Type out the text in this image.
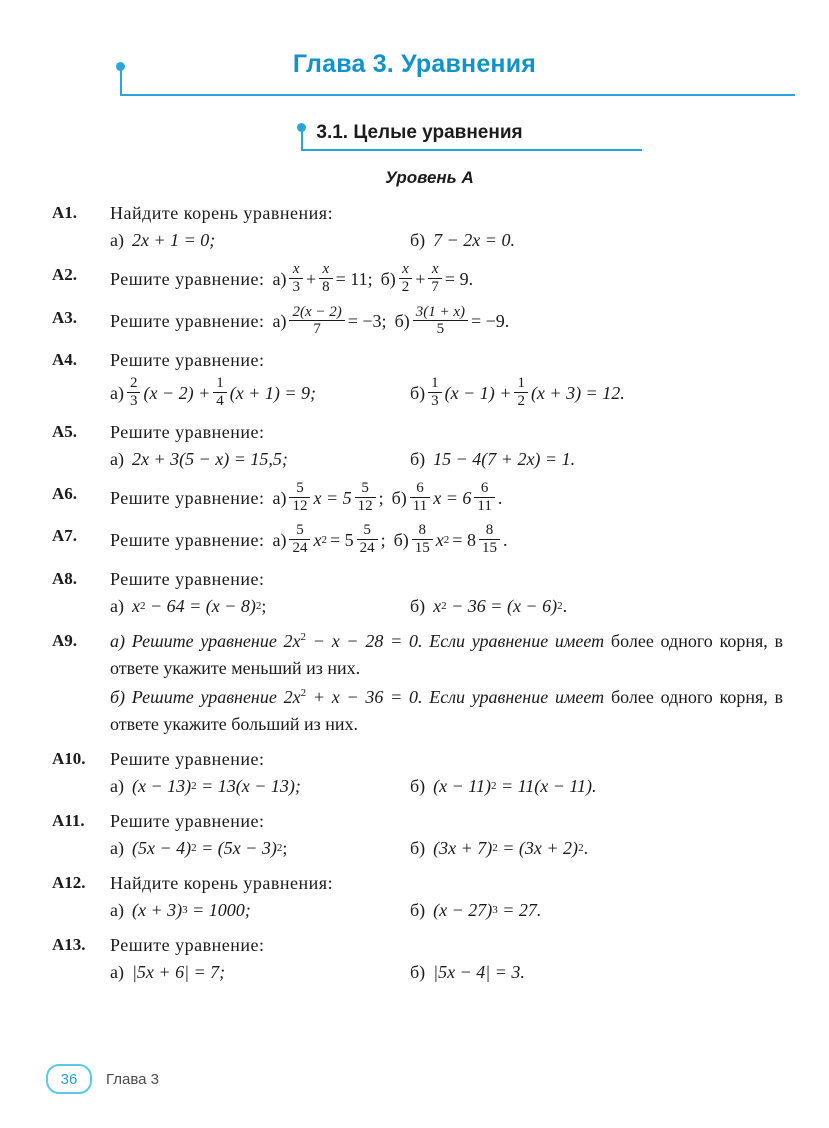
Глава 3. Уравнения
3.1. Целые уравнения
Уровень A
A1.	Найдите корень уравнения:
а) 2x + 1 = 0;	б) 7 − 2x = 0.
A2.	Решите уравнение: $а) \frac{x}{3} + \frac{x}{8} = 11$; $б) \frac{x}{2} + \frac{x}{7} = 9$.
A3.	Решите уравнение: $а) \frac{2(x - 2)}{7} = -3$; $б) \frac{3(1 + x)}{5} = -9$.
A4.	Решите уравнение:
$а) \frac{2}{3} (x - 2) + \frac{1}{4} (x + 1) = 9$;	$б) \frac{1}{3} (x - 1) + \frac{1}{2} (x + 3) = 12$.
A5.	Решите уравнение:
а) 2x + 3(5 − x) = 15,5;	б) 15 − 4(7 + 2x) = 1.
A6.	Решите уравнение: $а) \frac{5}{12}$ $x = 5 \frac{5}{12}$ ; $б) \frac{6}{11}$ $x = 6 \frac{6}{11}$ .
A7.	Решите уравнение: $а) \frac{5}{24}$ x $2 = 5 \frac{5}{24}$ ; $б) \frac{8}{15}$ x $2 = 8 \frac{8}{15}$ .
A8.	Решите уравнение:
а) x 2 − 64 = (x − 8) 2 ;	б) x 2 − 36 = (x − 6) 2 .
A9.	а) Решите уравнение $2x^2 - x - 28 = 0$. Если уравнение имеет более одного корня, в ответе укажите меньший из них.
б) Решите уравнение $2x^2 + x - 36 = 0$. Если уравнение имеет более одного корня, в ответе укажите больший из них.
A10.	Решите уравнение:
а) (x − 13) 2 = 13(x − 13);	б) (x − 11) 2 = 11(x − 11).
A11.	Решите уравнение:
а) (5x − 4) 2 = (5x − 3) 2 ;	б) (3x + 7) 2 = (3x + 2) 2 .
A12.	Найдите корень уравнения:
а) (x + 3) 3 = 1000;	б) (x − 27) 3 = 27.
A13.	Решите уравнение:
а) |5x + 6| = 7;	б) |5x − 4| = 3.
36	Глава 3
